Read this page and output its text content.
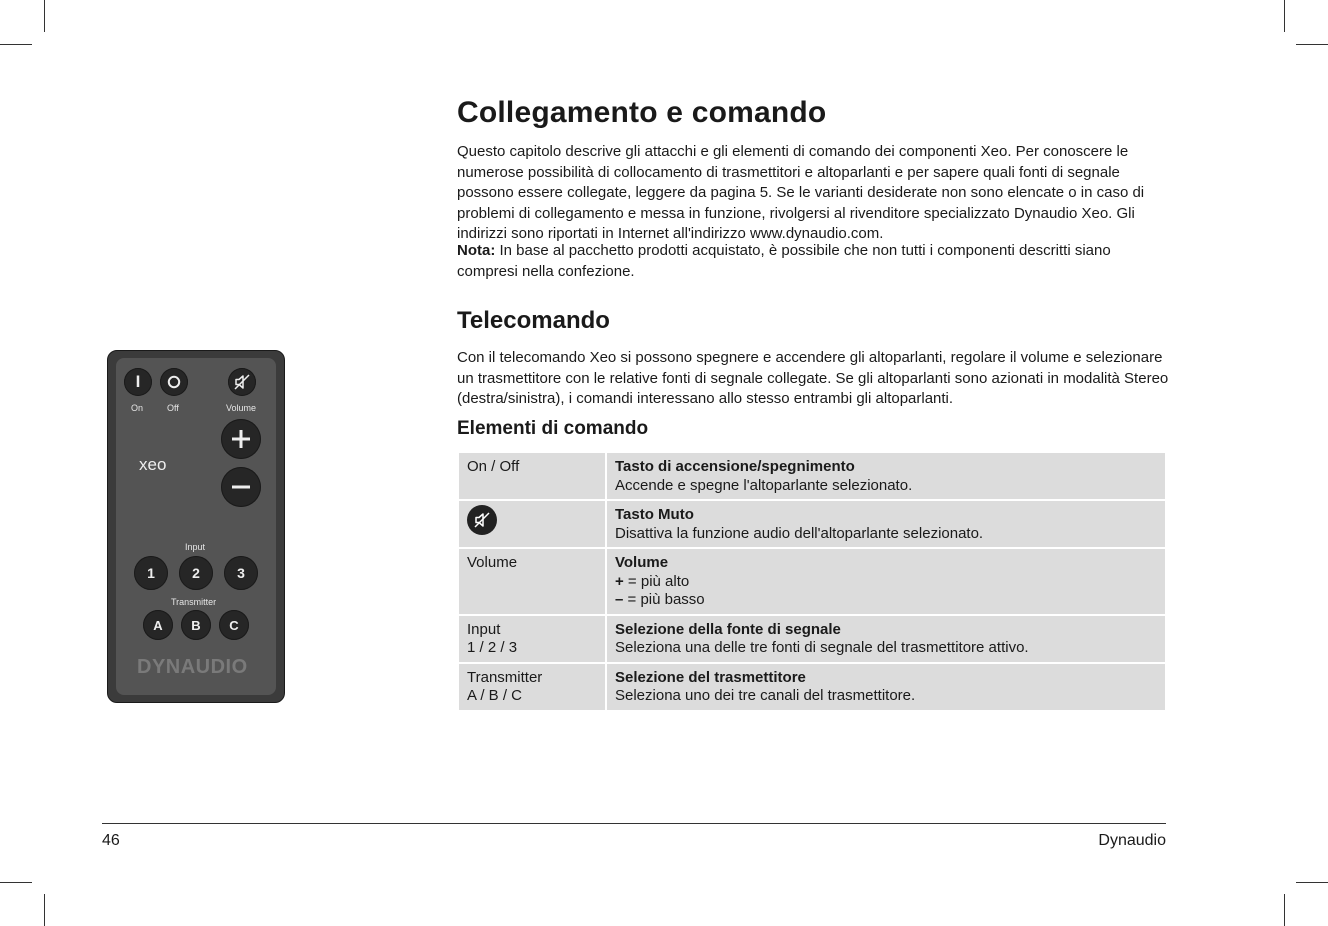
Collegamento e comando

Questo capitolo descrive gli attacchi e gli elementi di comando dei componenti Xeo. Per conoscere le numerose possibilità di collocamento di trasmettitori e altoparlanti e per sapere quali fonti di segnale possono essere collegate, leggere da pagina 5. Se le varianti desiderate non sono elencate o in caso di problemi di collegamento e messa in funzione, rivolgersi al rivenditore specializzato Dynaudio Xeo. Gli indirizzi sono riportati in Internet all'indirizzo www.dynaudio.com.

Nota: In base al pacchetto prodotti acquistato, è possibile che non tutti i componenti descritti siano compresi nella confezione.

Telecomando

Con il telecomando Xeo si possono spegnere e accendere gli altoparlanti, regolare il volume e selezionare un trasmettitore con le relative fonti di segnale collegate. Se gli altoparlanti sono azionati in modalità Stereo (destra/sinistra), i comandi interessano allo stesso entrambi gli altoparlanti.

Elementi di comando
On / Off	Tasto di accensione/spegnimento
Accende e spegne l'altoparlante selezionato.

	Tasto Muto
Disattiva la funzione audio dell'altoparlante selezionato.
Volume	Volume
+ = più alto
– = più basso
Input
1 / 2 / 3	Selezione della fonte di segnale
Seleziona una delle tre fonti di segnale del trasmettitore attivo.
Transmitter
A / B / C	Selezione del trasmettitore
Seleziona uno dei tre canali del trasmettitore.
I
On	Off	Volume
xeo
Input
1	2	3
Transmitter
A	B	C
DYNAUDIO
46	Dynaudio
